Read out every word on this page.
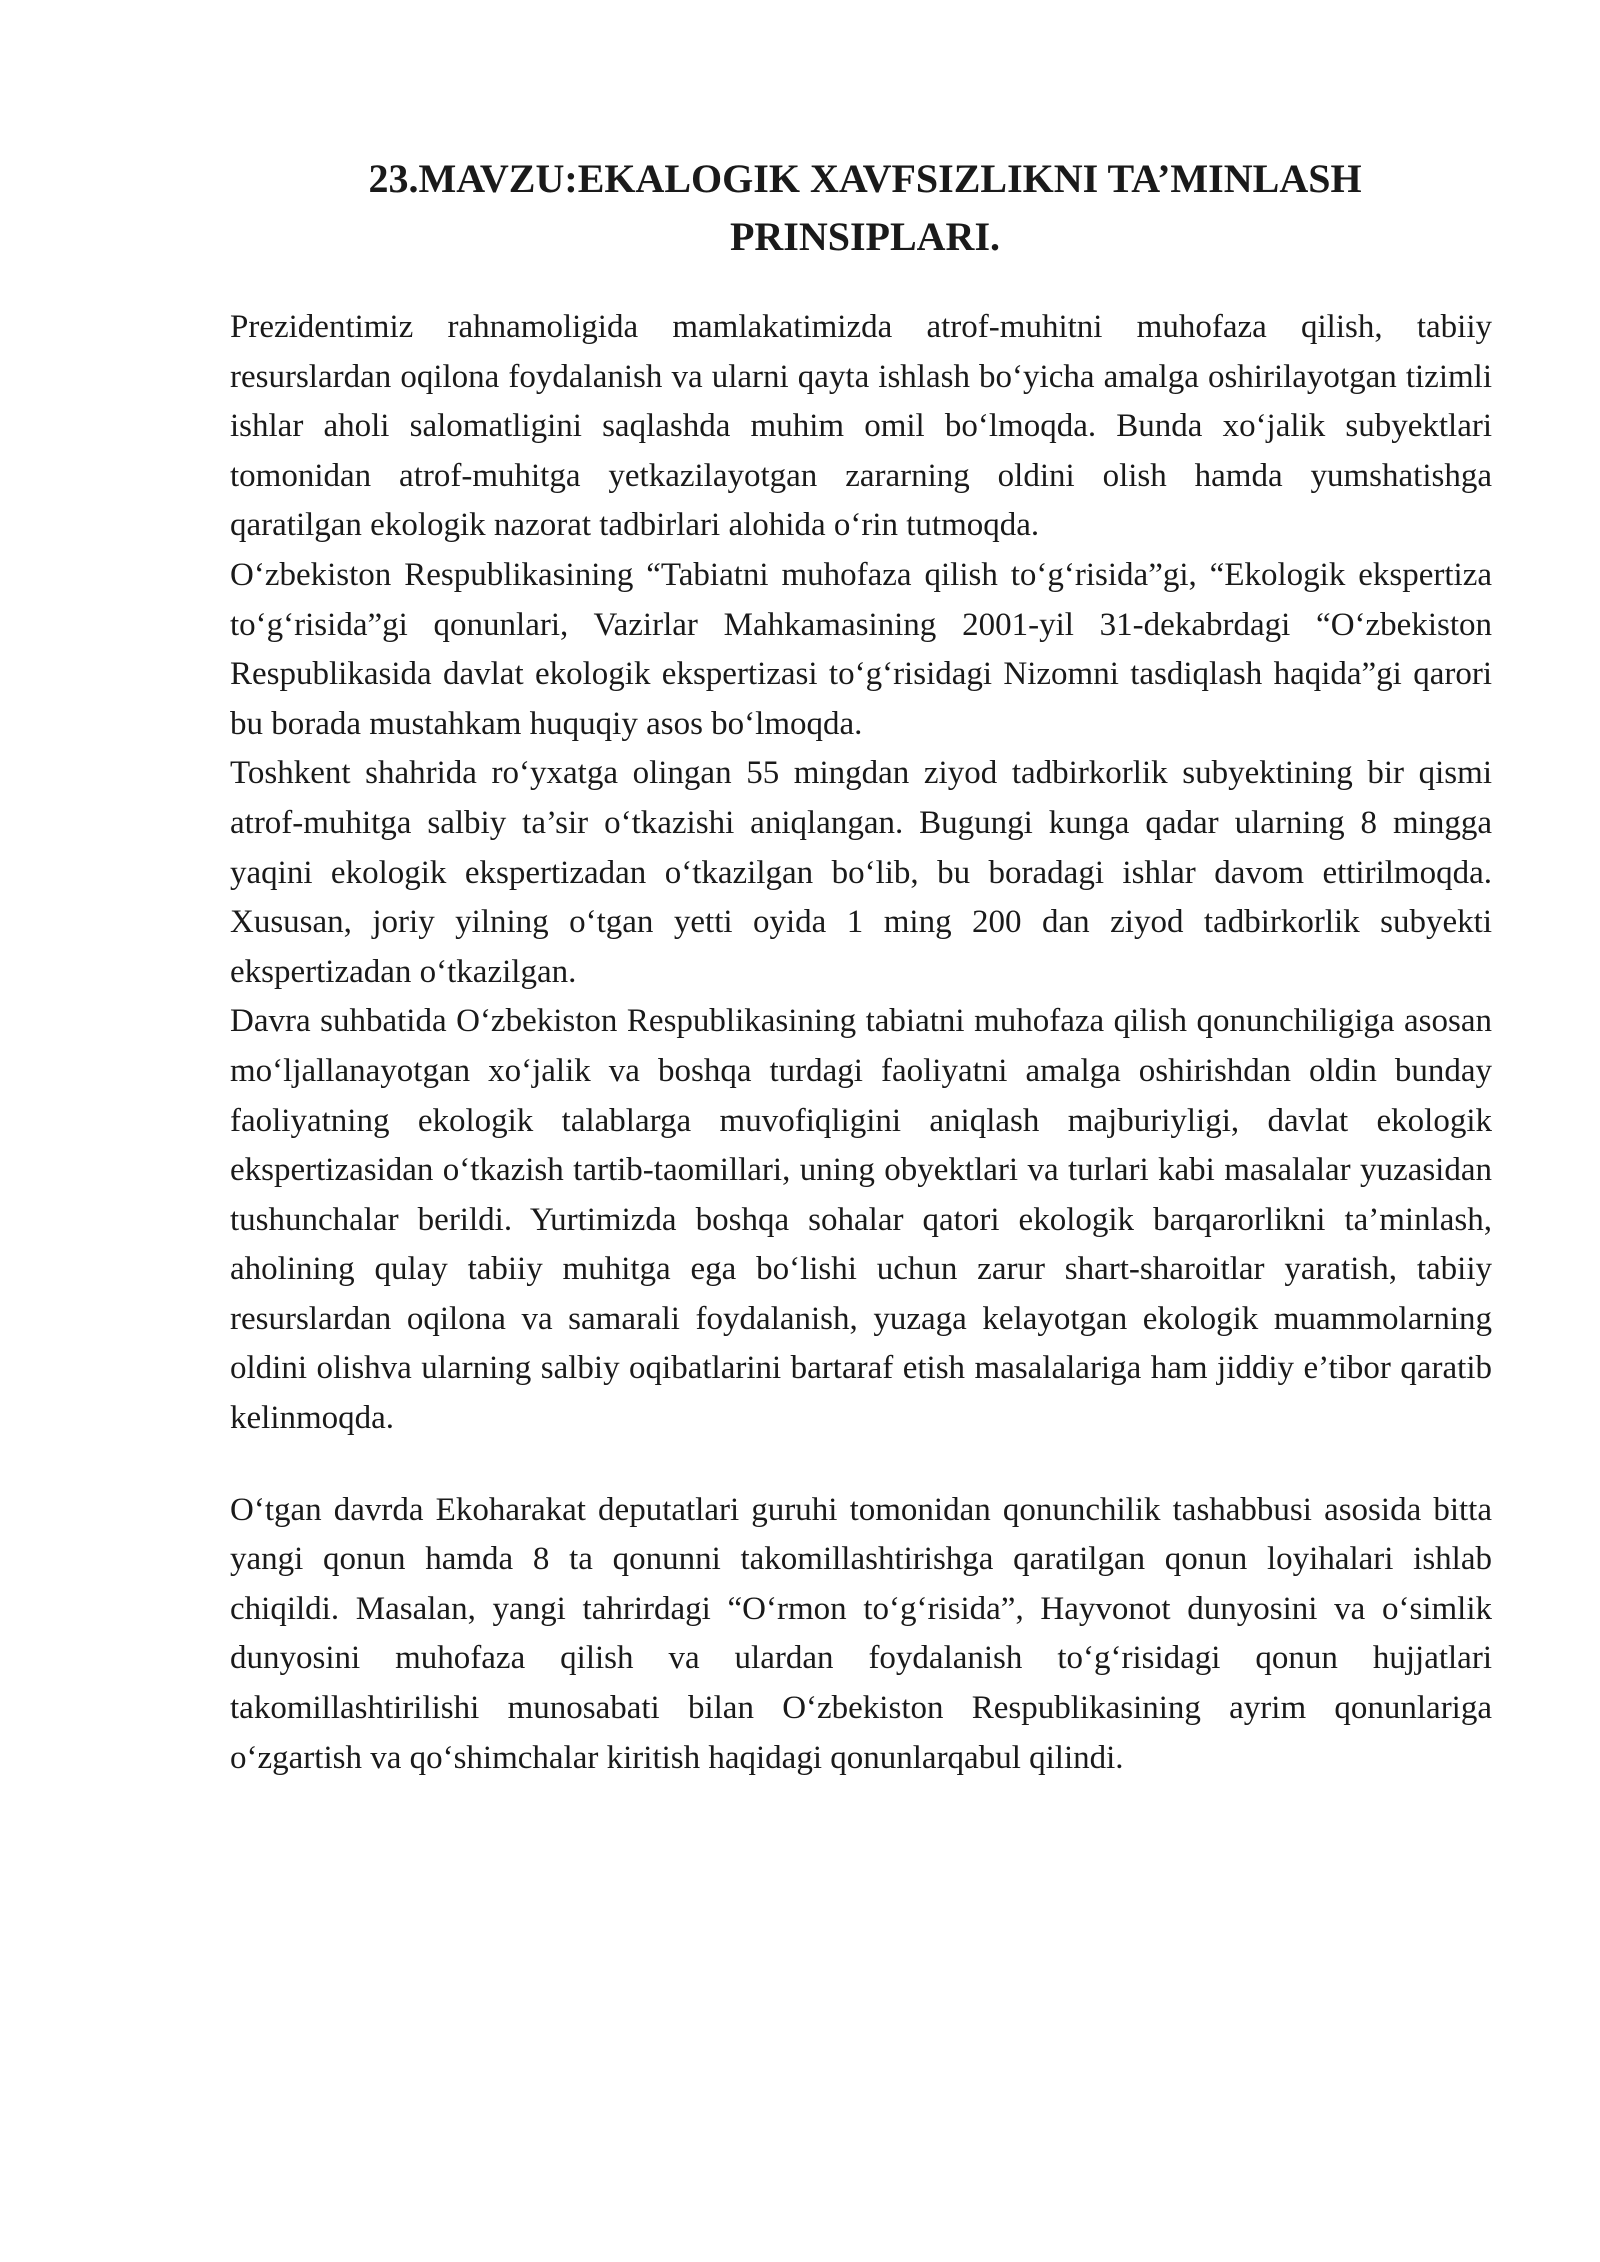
23.MAVZU:EKALOGIK XAVFSIZLIKNI TA’MINLASH PRINSIPLARI.

Prezidentimiz rahnamoligida mamlakatimizda atrof-muhitni muhofaza qilish, tabiiy resurslardan oqilona foydalanish va ularni qayta ishlash bo‘yicha amalga oshirilayotgan tizimli ishlar aholi salomatligini saqlashda muhim omil bo‘lmoqda. Bunda xo‘jalik subyektlari tomonidan atrof-muhitga yetkazilayotgan zararning oldini olish hamda yumshatishga qaratilgan ekologik nazorat tadbirlari alohida o‘rin tutmoqda.

O‘zbekiston Respublikasining “Tabiatni muhofaza qilish to‘g‘risida”gi, “Ekologik ekspertiza to‘g‘risida”gi qonunlari, Vazirlar Mahkamasining 2001-yil 31-dekabrdagi “O‘zbekiston Respublikasida davlat ekologik ekspertizasi to‘g‘risidagi Nizomni tasdiqlash haqida”gi qarori bu borada mustahkam huquqiy asos bo‘lmoqda.

Toshkent shahrida ro‘yxatga olingan 55 mingdan ziyod tadbirkorlik subyektining bir qismi atrof-muhitga salbiy ta’sir o‘tkazishi aniqlangan. Bugungi kunga qadar ularning 8 mingga yaqini ekologik ekspertizadan o‘tkazilgan bo‘lib, bu boradagi ishlar davom ettirilmoqda. Xususan, joriy yilning o‘tgan yetti oyida 1 ming 200 dan ziyod tadbirkorlik subyekti ekspertizadan o‘tkazilgan.

Davra suhbatida O‘zbekiston Respublikasining tabiatni muhofaza qilish qonunchiligiga asosan mo‘ljallanayotgan xo‘jalik va boshqa turdagi faoliyatni amalga oshirishdan oldin bunday faoliyatning ekologik talablarga muvofiqligini aniqlash majburiyligi, davlat ekologik ekspertizasidan o‘tkazish tartib-taomillari, uning obyektlari va turlari kabi masalalar yuzasidan tushunchalar berildi. Yurtimizda boshqa sohalar qatori ekologik barqarorlikni ta’minlash, aholining qulay tabiiy muhitga ega bo‘lishi uchun zarur shart-sharoitlar yaratish, tabiiy resurslardan oqilona va samarali foydalanish, yuzaga kelayotgan ekologik muammolarning oldini olishva ularning salbiy oqibatlarini bartaraf etish masalalariga ham jiddiy e’tibor qaratib kelinmoqda.

O‘tgan davrda Ekoharakat deputatlari guruhi tomonidan qonunchilik tashabbusi asosida bitta yangi qonun hamda 8 ta qonunni takomillashtirishga qaratilgan qonun loyihalari ishlab chiqildi. Masalan, yangi tahrirdagi “O‘rmon to‘g‘risida”, Hayvonot dunyosini va o‘simlik dunyosini muhofaza qilish va ulardan foydalanish to‘g‘risidagi qonun hujjatlari takomillashtirilishi munosabati bilan O‘zbekiston Respublikasining ayrim qonunlariga o‘zgartish va qo‘shimchalar kiritish haqidagi qonunlarqabul qilindi.
